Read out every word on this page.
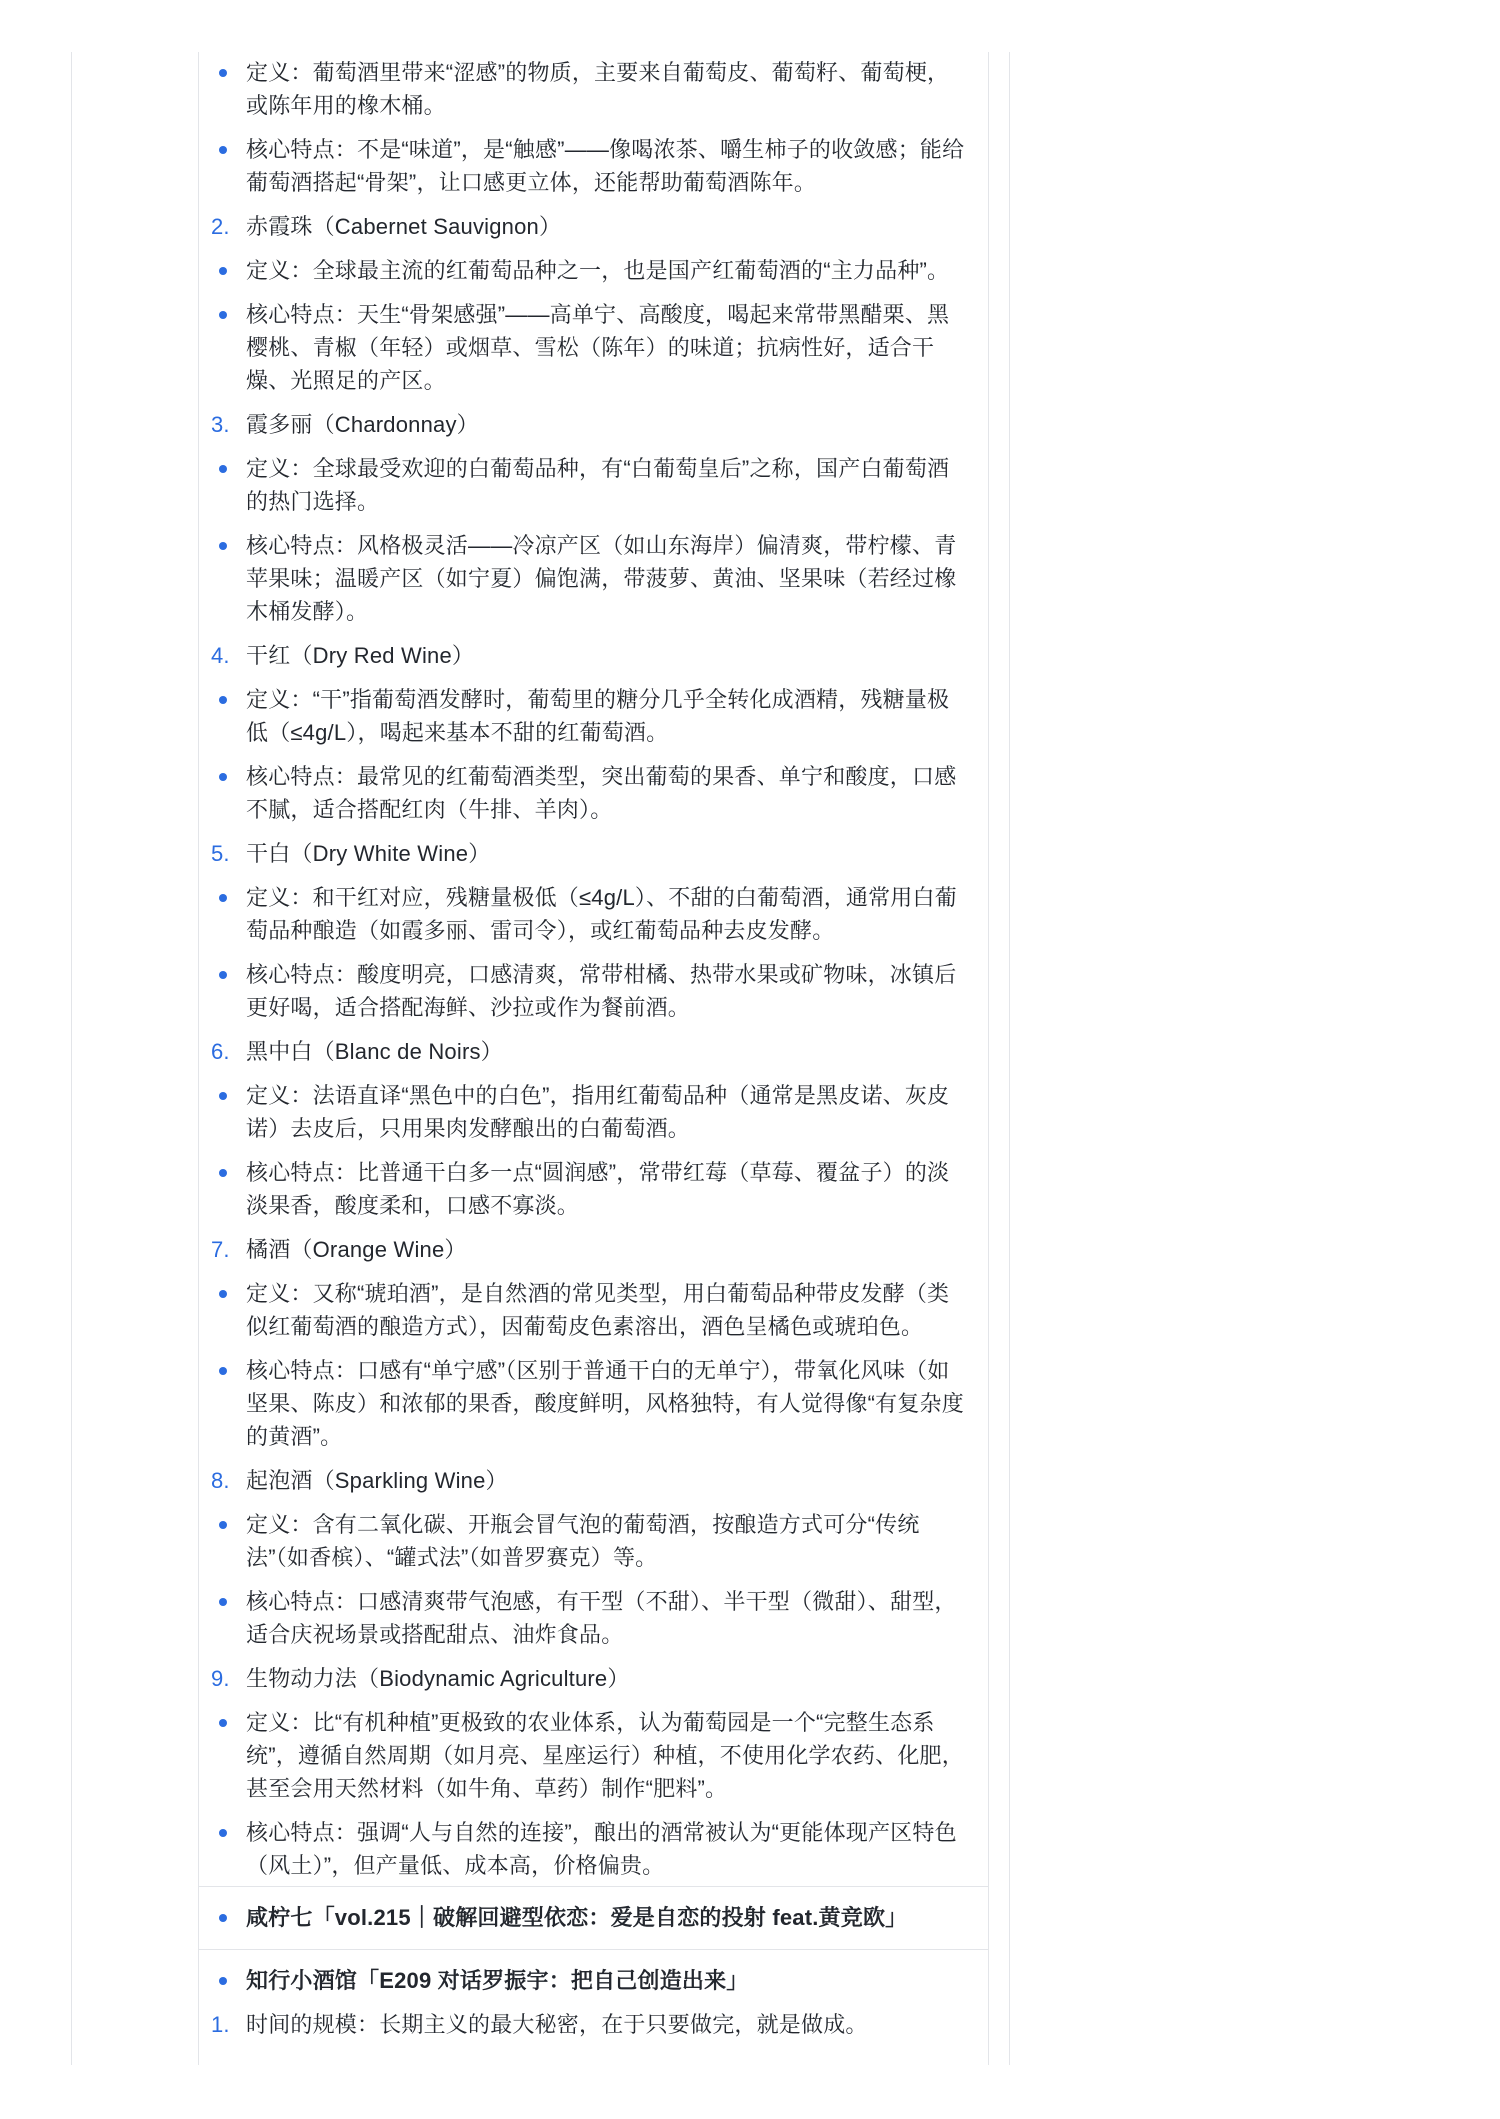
定义：葡萄酒里带来“涩感”的物质，主要来自葡萄皮、葡萄籽、葡萄梗，或陈年用的橡木桶。
核心特点：不是“味道”，是“触感”——像喝浓茶、嚼生柿子的收敛感；能给葡萄酒搭起“骨架”，让口感更立体，还能帮助葡萄酒陈年。
2. 赤霞珠（Cabernet Sauvignon）
定义：全球最主流的红葡萄品种之一，也是国产红葡萄酒的“主力品种”。
核心特点：天生“骨架感强”——高单宁、高酸度，喝起来常带黑醋栗、黑樱桃、青椒（年轻）或烟草、雪松（陈年）的味道；抗病性好，适合干燥、光照足的产区。
3. 霞多丽（Chardonnay）
定义：全球最受欢迎的白葡萄品种，有“白葡萄皇后”之称，国产白葡萄酒的热门选择。
核心特点：风格极灵活——冷凉产区（如山东海岸）偏清爽，带柠檬、青苹果味；温暖产区（如宁夏）偏饱满，带菠萝、黄油、坚果味（若经过橡木桶发酵）。
4. 干红（Dry Red Wine）
定义：“干”指葡萄酒发酵时，葡萄里的糖分几乎全转化成酒精，残糖量极低（≤4g/L），喝起来基本不甜的红葡萄酒。
核心特点：最常见的红葡萄酒类型，突出葡萄的果香、单宁和酸度，口感不腻，适合搭配红肉（牛排、羊肉）。
5. 干白（Dry White Wine）
定义：和干红对应，残糖量极低（≤4g/L）、不甜的白葡萄酒，通常用白葡萄品种酿造（如霞多丽、雷司令），或红葡萄品种去皮发酵。
核心特点：酸度明亮，口感清爽，常带柑橘、热带水果或矿物味，冰镇后更好喝，适合搭配海鲜、沙拉或作为餐前酒。
6. 黑中白（Blanc de Noirs）
定义：法语直译“黑色中的白色”，指用红葡萄品种（通常是黑皮诺、灰皮诺）去皮后，只用果肉发酵酿出的白葡萄酒。
核心特点：比普通干白多一点“圆润感”，常带红莓（草莓、覆盆子）的淡淡果香，酸度柔和，口感不寡淡。
7. 橘酒（Orange Wine）
定义：又称“琥珀酒”，是自然酒的常见类型，用白葡萄品种带皮发酵（类似红葡萄酒的酿造方式），因葡萄皮色素溶出，酒色呈橘色或琥珀色。
核心特点：口感有“单宁感”（区别于普通干白的无单宁），带氧化风味（如坚果、陈皮）和浓郁的果香，酸度鲜明，风格独特，有人觉得像“有复杂度的黄酒”。
8. 起泡酒（Sparkling Wine）
定义：含有二氧化碳、开瓶会冒气泡的葡萄酒，按酿造方式可分“传统法”（如香槟）、“罐式法”（如普罗赛克）等。
核心特点：口感清爽带气泡感，有干型（不甜）、半干型（微甜）、甜型，适合庆祝场景或搭配甜点、油炸食品。
9. 生物动力法（Biodynamic Agriculture）
定义：比“有机种植”更极致的农业体系，认为葡萄园是一个“完整生态系统”，遵循自然周期（如月亮、星座运行）种植，不使用化学农药、化肥，甚至会用天然材料（如牛角、草药）制作“肥料”。
核心特点：强调“人与自然的连接”，酿出的酒常被认为“更能体现产区特色（风土）”，但产量低、成本高，价格偏贵。
咸柠七「vol.215｜破解回避型依恋：爱是自恋的投射 feat.黄竞欧」
知行小酒馆「E209 对话罗振宇：把自己创造出来」
1. 时间的规模：长期主义的最大秘密，在于只要做完，就是做成。
